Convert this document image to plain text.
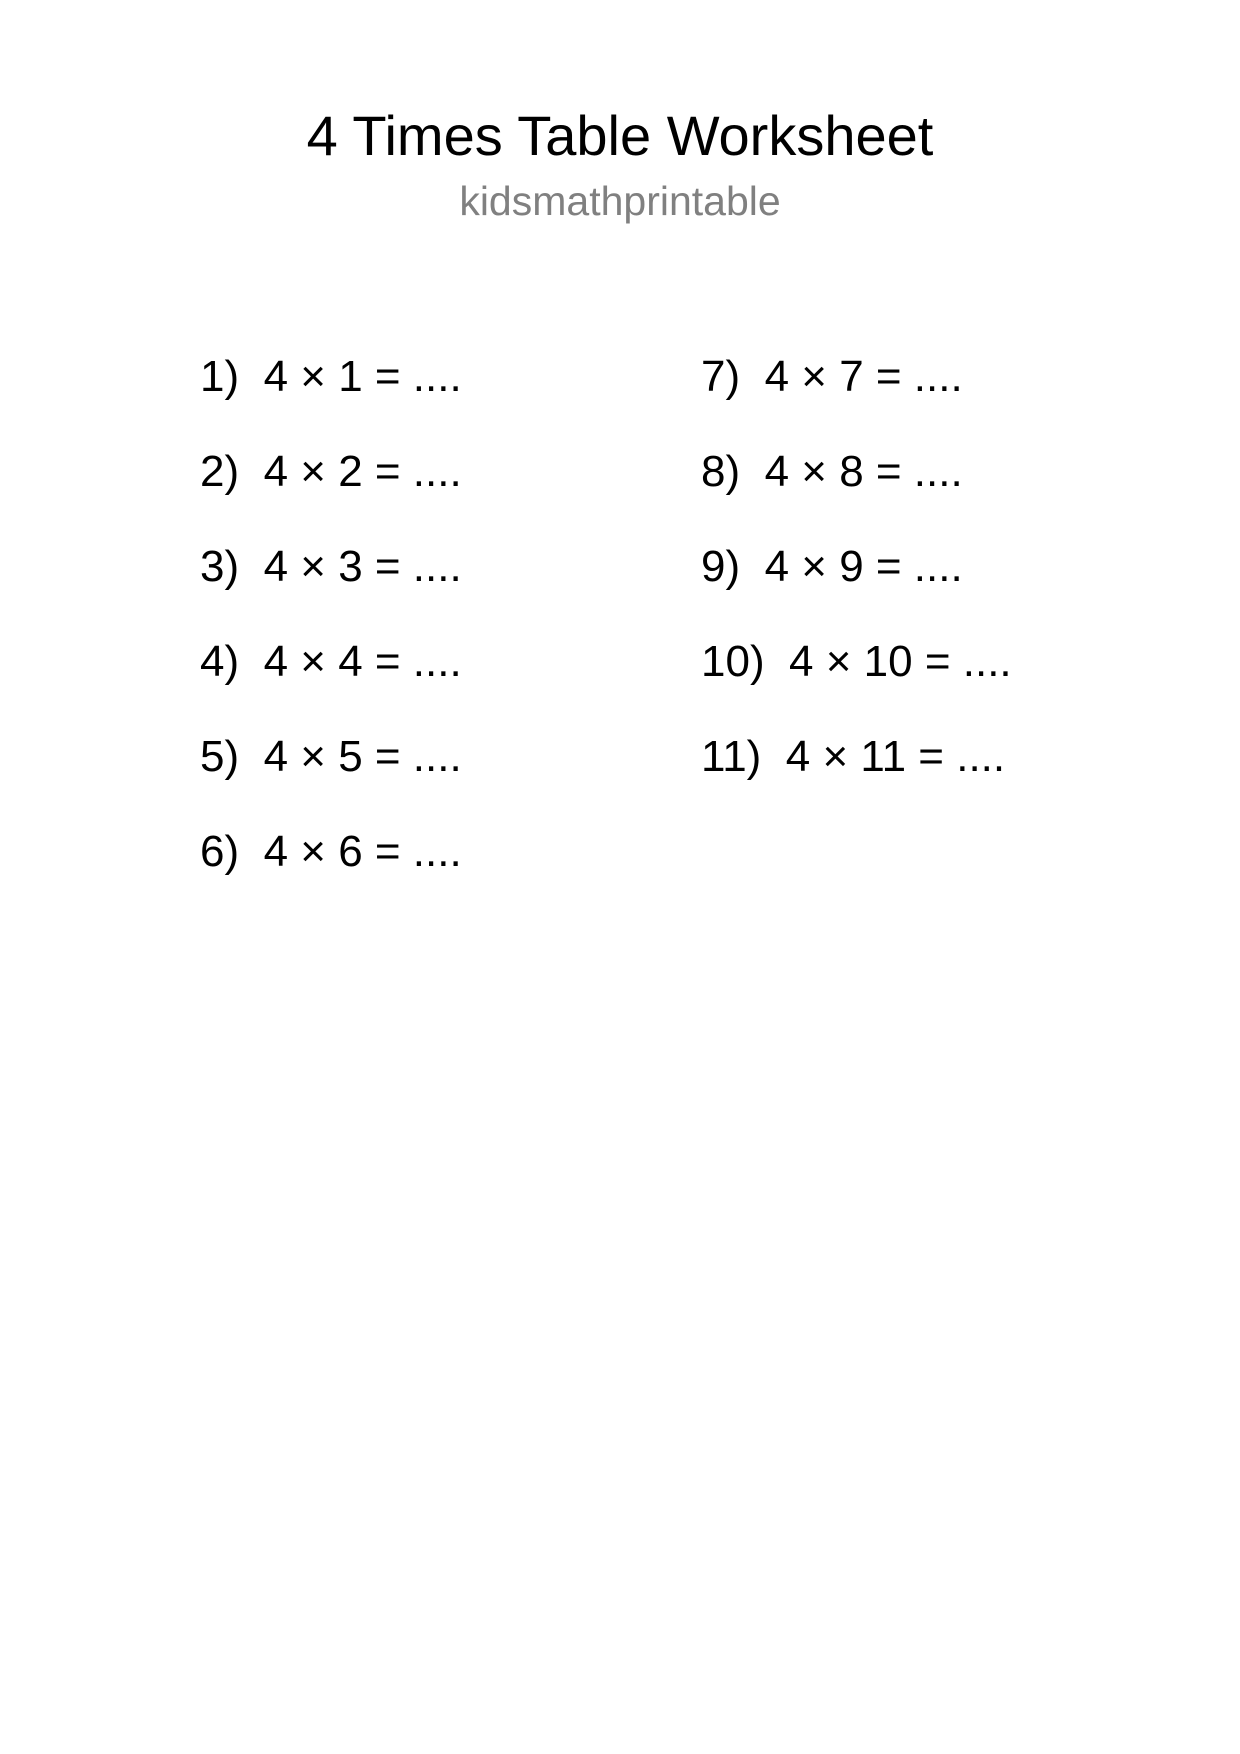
4 Times Table Worksheet
kidsmathprintable
1)  4 × 1 = ....
2)  4 × 2 = ....
3)  4 × 3 = ....
4)  4 × 4 = ....
5)  4 × 5 = ....
6)  4 × 6 = ....
7)  4 × 7 = ....
8)  4 × 8 = ....
9)  4 × 9 = ....
10)  4 × 10 = ....
11)  4 × 11 = ....
